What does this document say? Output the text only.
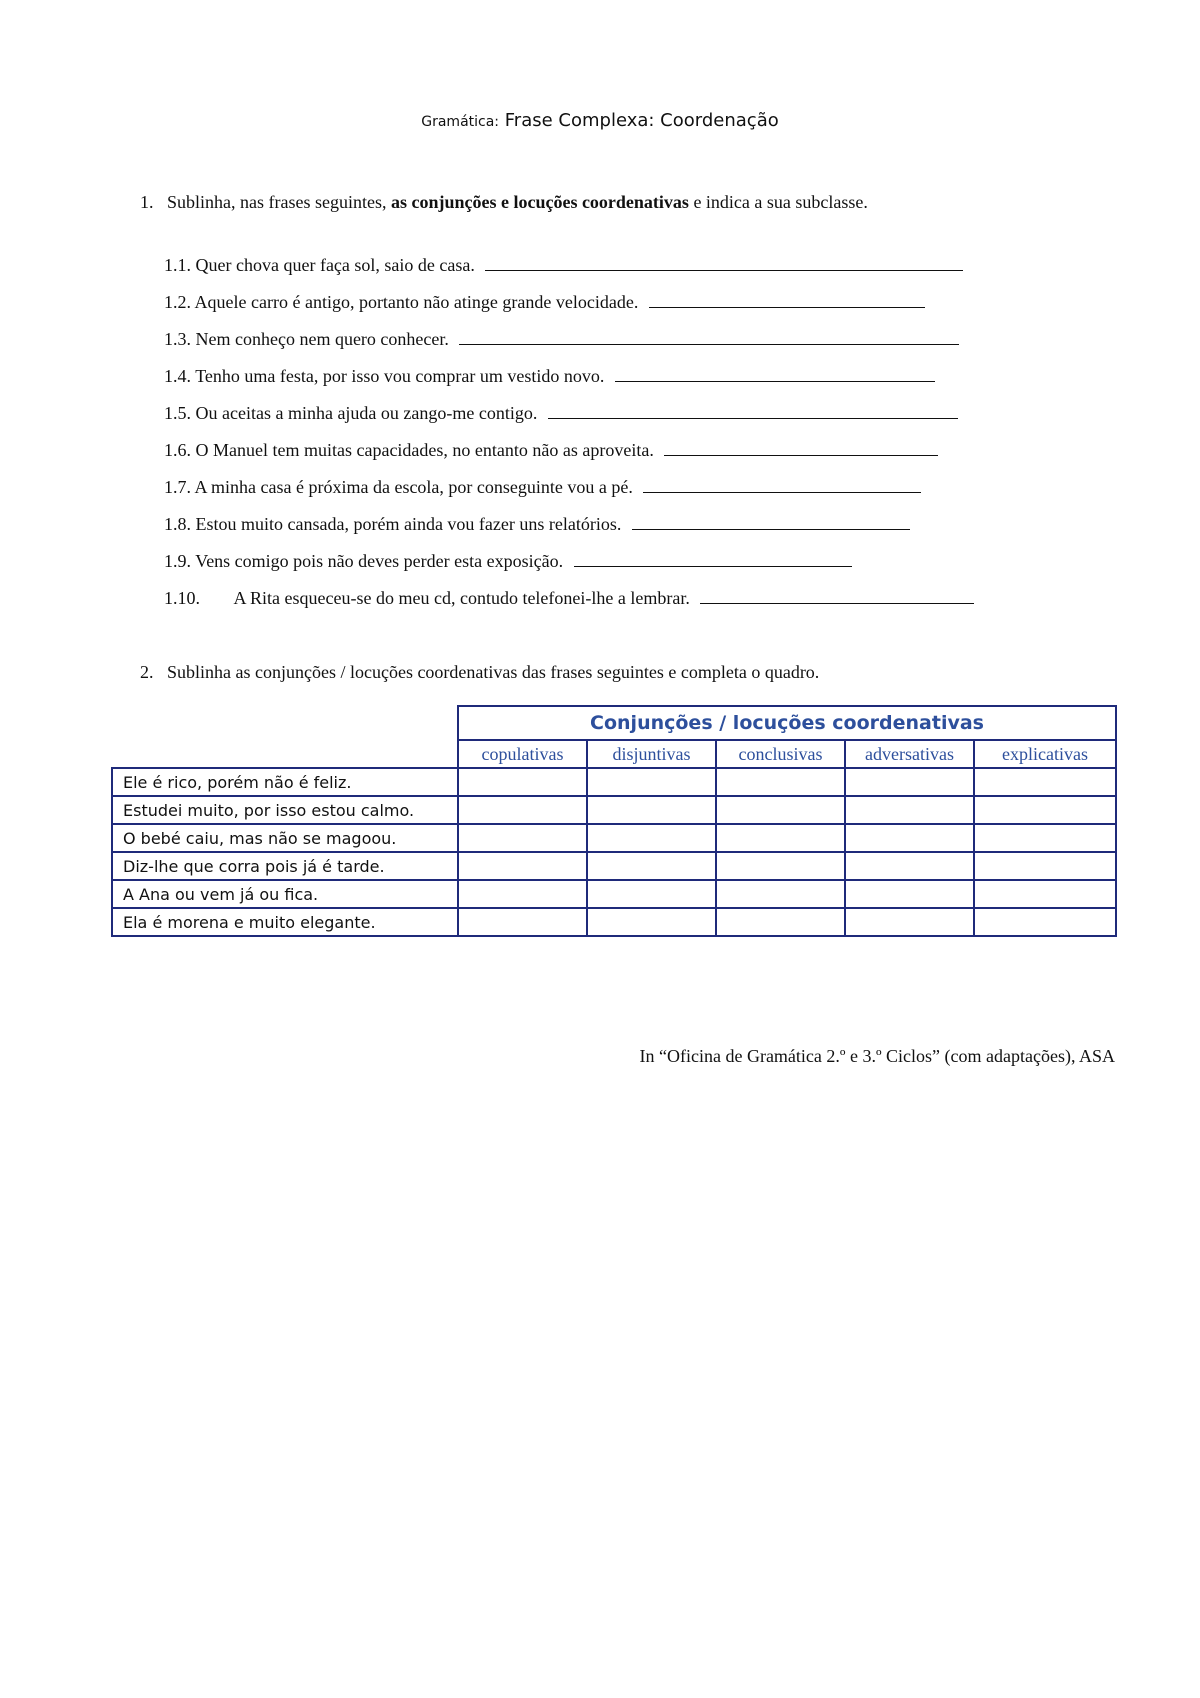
Gramática: Frase Complexa: Coordenação
1. Sublinha, nas frases seguintes, as conjunções e locuções coordenativas e indica a sua subclasse.
1.1. Quer chova quer faça sol, saio de casa.
1.2. Aquele carro é antigo, portanto não atinge grande velocidade.
1.3. Nem conheço nem quero conhecer.
1.4. Tenho uma festa, por isso vou comprar um vestido novo.
1.5. Ou aceitas a minha ajuda ou zango-me contigo.
1.6. O Manuel tem muitas capacidades, no entanto não as aproveita.
1.7. A minha casa é próxima da escola, por conseguinte vou a pé.
1.8. Estou muito cansada, porém ainda vou fazer uns relatórios.
1.9. Vens comigo pois não deves perder esta exposição.
1.10. A Rita esqueceu-se do meu cd, contudo telefonei-lhe a lembrar.
2. Sublinha as conjunções / locuções coordenativas das frases seguintes e completa o quadro.
	Conjunções / locuções coordenativas				
	copulativas	disjuntivas	conclusivas	adversativas	explicativas
Ele é rico, porém não é feliz.					
Estudei muito, por isso estou calmo.					
O bebé caiu, mas não se magoou.					
Diz-lhe que corra pois já é tarde.					
A Ana ou vem já ou fica.					
Ela é morena e muito elegante.					
In “Oficina de Gramática 2.º e 3.º Ciclos” (com adaptações), ASA
